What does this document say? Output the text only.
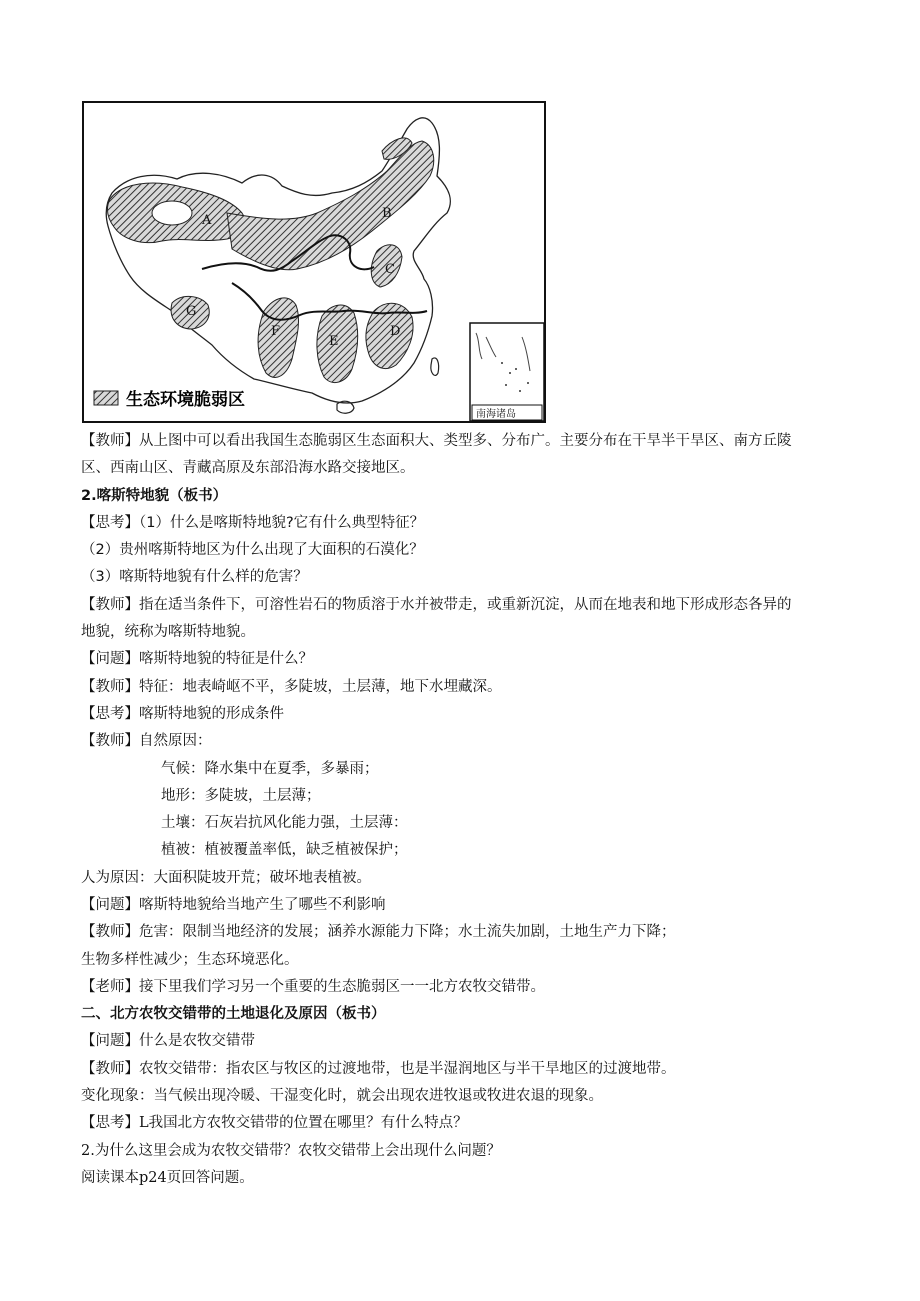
A	B
C
D
E
F
G
生态环境脆弱区
南海诸岛
【教师】从上图中可以看出我国生态脆弱区生态面积大、类型多、分布广。主要分布在干旱半干旱区、南方丘陵
区、西南山区、青藏高原及东部沿海水路交接地区。
2.喀斯特地貌（板书）
【思考】（1）什么是喀斯特地貌?它有什么典型特征？
（2）贵州喀斯特地区为什么出现了大面积的石漠化？
（3）喀斯特地貌有什么样的危害？
【教师】指在适当条件下，可溶性岩石的物质溶于水并被带走，或重新沉淀，从而在地表和地下形成形态各异的
地貌，统称为喀斯特地貌。
【问题】喀斯特地貌的特征是什么？
【教师】特征：地表崎岖不平，多陡坡，土层薄，地下水埋藏深。
【思考】喀斯特地貌的形成条件
【教师】自然原因：
气候：降水集中在夏季，多暴雨；
地形：多陡坡，土层薄；
土壤：石灰岩抗风化能力强，土层薄：
植被：植被覆盖率低，缺乏植被保护；
人为原因：大面积陡坡开荒；破坏地表植被。
【问题】喀斯特地貌给当地产生了哪些不利影响
【教师】危害：限制当地经济的发展；涵养水源能力下降；水土流失加剧，土地生产力下降；
生物多样性减少；生态环境恶化。
【老师】接下里我们学习另一个重要的生态脆弱区一一北方农牧交错带。
二、北方农牧交错带的土地退化及原因（板书）
【问题】什么是农牧交错带
【教师】农牧交错带：指农区与牧区的过渡地带，也是半湿润地区与半干旱地区的过渡地带。
变化现象：当气候出现冷暖、干湿变化时，就会出现农进牧退或牧进农退的现象。
【思考】L我国北方农牧交错带的位置在哪里？有什么特点？
2.为什么这里会成为农牧交错带？农牧交错带上会出现什么问题？
阅读课本p24页回答问题。
